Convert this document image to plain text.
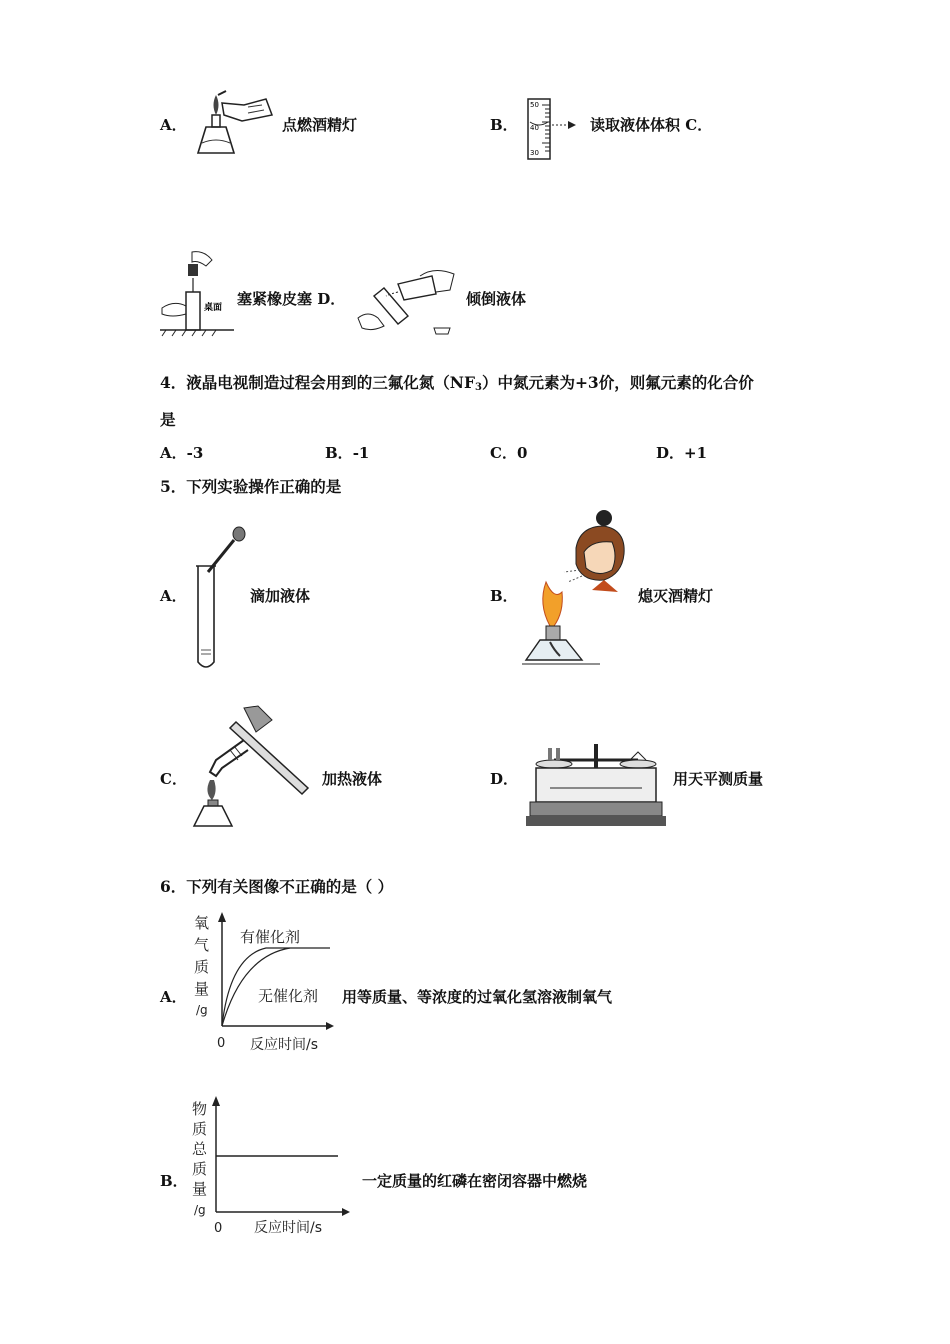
A．	点燃酒精灯	B．
50
40
30
读取液体体积 C．
桌面 塞紧橡皮塞 D．	倾倒液体
4．液晶电视制造过程会用到的三氟化氮$(NF_3)$中氮元素为+3价，则氟元素的化合价
是
A．-3	B．-1	C．0	D．+1
5．下列实验操作正确的是
A．	滴加液体	B．	熄灭酒精灯
C．	加热液体	D．	用天平测质量
6．下列有关图像不正确的是（ ）
A．
氧
气
质
量
/g
有催化剂
无催化剂
0 反应时间/s
用等质量、等浓度的过氧化氢溶液制氧气
B．
物
质
总
质
量
/g
0 反应时间/s
一定质量的红磷在密闭容器中燃烧
